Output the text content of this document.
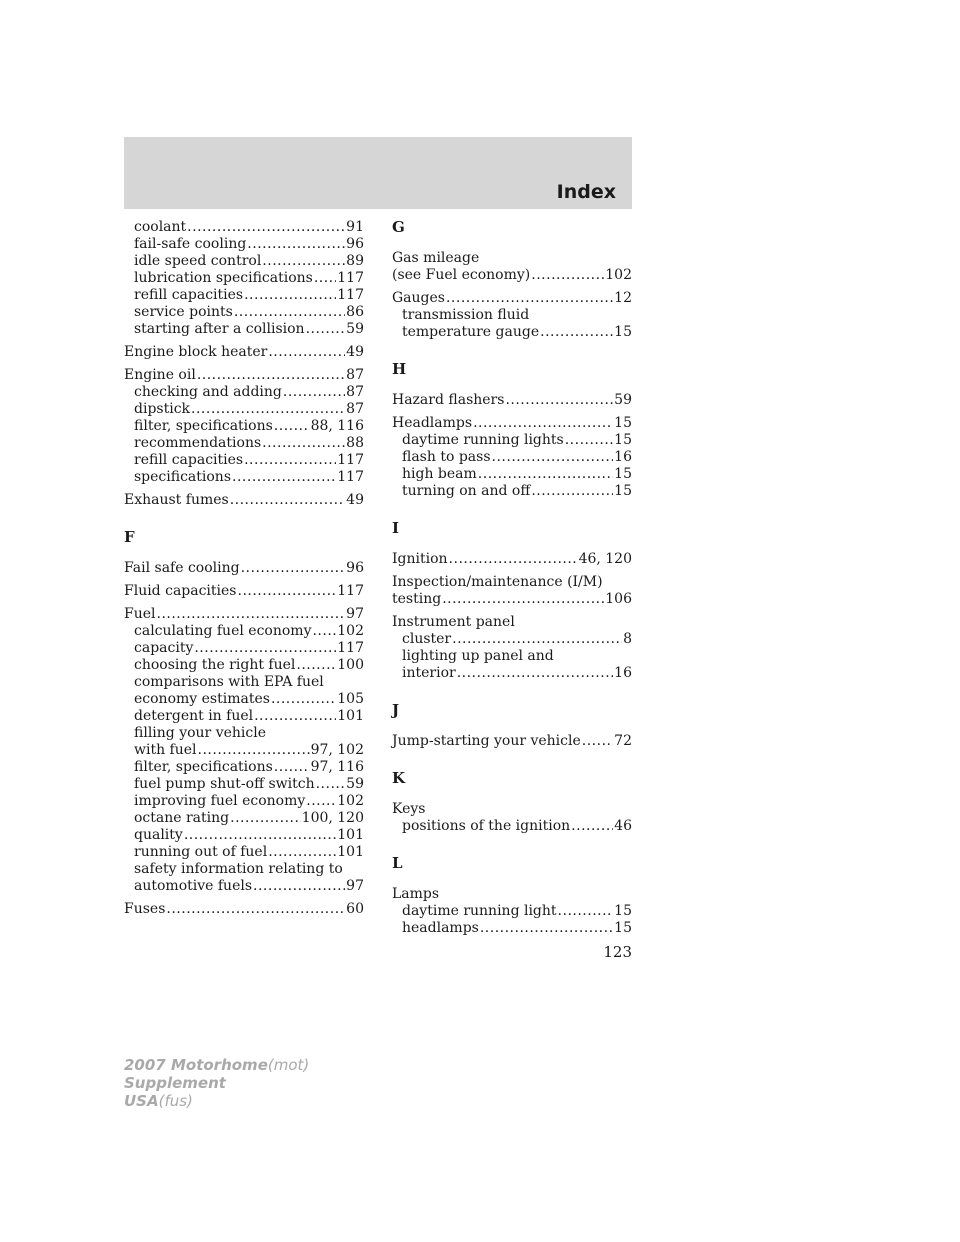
Index
coolant .....	91
fail-safe cooling .....	96
idle speed control .....	89
lubrication specifications ..... 117
refill capacities .....	117
service points .....	86
starting after a collision .....	59
Engine block heater .....	49
Engine oil .....	87
checking and adding .....	87
dipstick .....	87
filter, specifications .....	88, 116
recommendations .....	88
refill capacities .....	117
specifications .....	117
Exhaust fumes .....	49
F
Fail safe cooling .....	96
Fluid capacities .....	117
Fuel .....	97
calculating fuel economy ..... 102
capacity .....	117
choosing the right fuel .....	100
comparisons with EPA fuel
economy estimates .....	105
detergent in fuel .....	101
filling your vehicle
with fuel .....	97, 102
filter, specifications .....	97, 116
fuel pump shut-off switch ..... 59
improving fuel economy ..... 102
octane rating .....	100, 120
quality .....	101
running out of fuel .....	101
safety information relating to
automotive fuels .....	97
Fuses .....	60
G
Gas mileage
(see Fuel economy) .....	102
Gauges .....	12
transmission fluid
temperature gauge .....	15
H
Hazard flashers .....	59
Headlamps .....	15
daytime running lights .....	15
flash to pass .....	16
high beam .....	15
turning on and off .....	15
I
Ignition .....	46, 120
Inspection/maintenance (I/M)
testing .....	106
Instrument panel
cluster .....	8
lighting up panel and
interior .....	16
J
Jump-starting your vehicle ..... 72
K
Keys
positions of the ignition .....	46
L
Lamps
daytime running light .....	15
headlamps .....	15
123
2007 Motorhome(mot)
Supplement
USA(fus)
